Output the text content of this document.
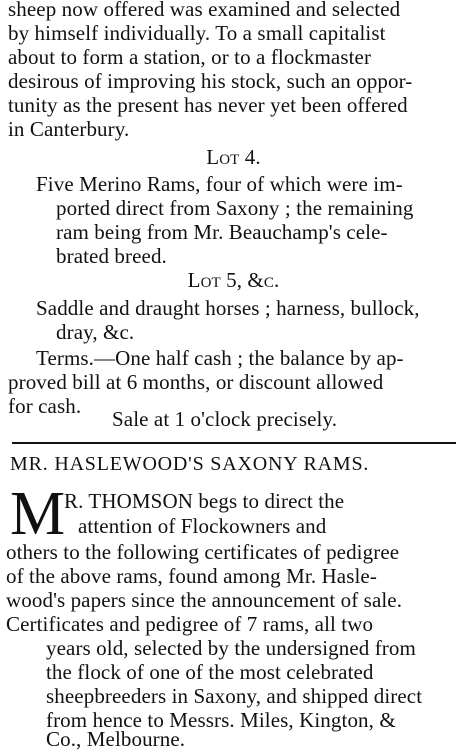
sheep now offered was examined and selected
by himself individually. To a small capitalist
about to form a station, or to a flockmaster
desirous of improving his stock, such an oppor-
tunity as the present has never yet been offered
in Canterbury.
Lot 4.
Five Merino Rams, four of which were im-
ported direct from Saxony ; the remaining
ram being from Mr. Beauchamp's cele-
brated breed.
Lot 5, &c.
Saddle and draught horses ; harness, bullock,
dray, &c.
Terms.—One half cash ; the balance by ap-
proved bill at 6 months, or discount allowed
for cash.
Sale at 1 o'clock precisely.
MR. HASLEWOOD'S SAXONY RAMS.
M
R. THOMSON begs to direct the
attention of Flockowners and
others to the following certificates of pedigree
of the above rams, found among Mr. Hasle-
wood's papers since the announcement of sale.
Certificates and pedigree of 7 rams, all two
years old, selected by the undersigned from
the flock of one of the most celebrated
sheepbreeders in Saxony, and shipped direct
from hence to Messrs. Miles, Kington, &
Co., Melbourne.
